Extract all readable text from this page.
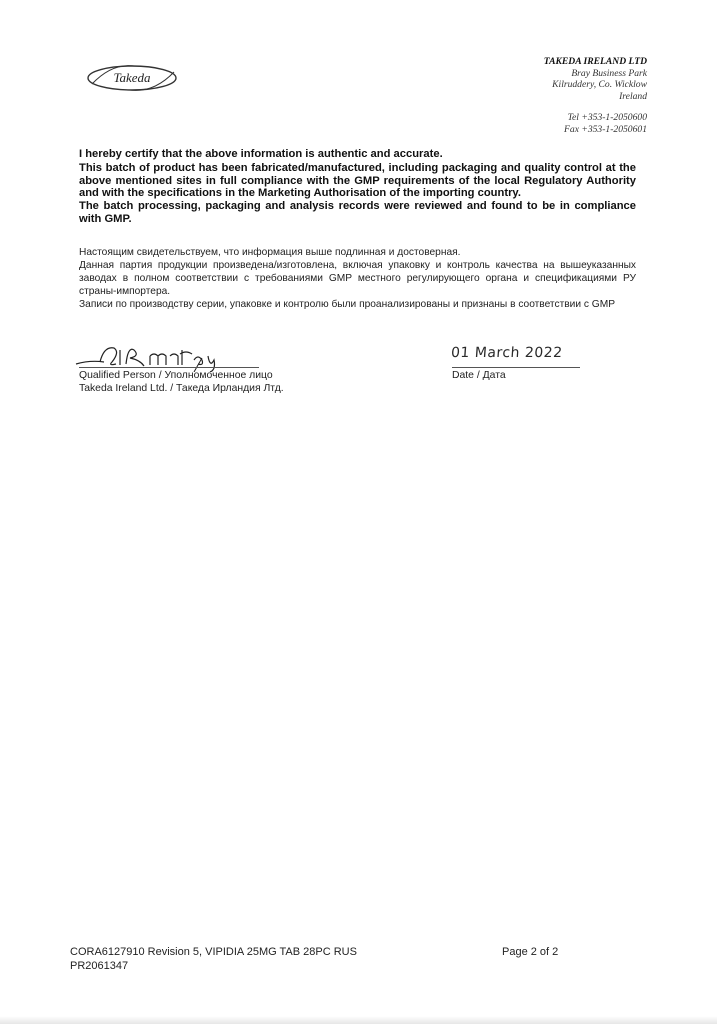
Takeda
TAKEDA IRELAND LTD
Bray Business Park
Kilruddery, Co. Wicklow
Ireland
Tel +353-1-2050600
Fax +353-1-2050601

I hereby certify that the above information is authentic and accurate.

This batch of product has been fabricated/manufactured, including packaging and quality control at the above mentioned sites in full compliance with the GMP requirements of the local Regulatory Authority and with the specifications in the Marketing Authorisation of the importing country.

The batch processing, packaging and analysis records were reviewed and found to be in compliance with GMP.

Настоящим свидетельствуем, что информация выше подлинная и достоверная.

Данная партия продукции произведена/изготовлена, включая упаковку и контроль качества на вышеуказанных заводах в полном соответствии с требованиями GMP местного регулирующего органа и спецификациями РУ страны-импортера.

Записи по производству серии, упаковке и контролю были проанализированы и признаны в соответствии с GMP

Qualified Person / Уполномоченное лицо
Takeda Ireland Ltd. / Такеда Ирландия Лтд.
01 March 2022
Date / Дата
CORA6127910 Revision 5, VIPIDIA 25MG TAB 28PC RUS
PR2061347
Page 2 of 2
